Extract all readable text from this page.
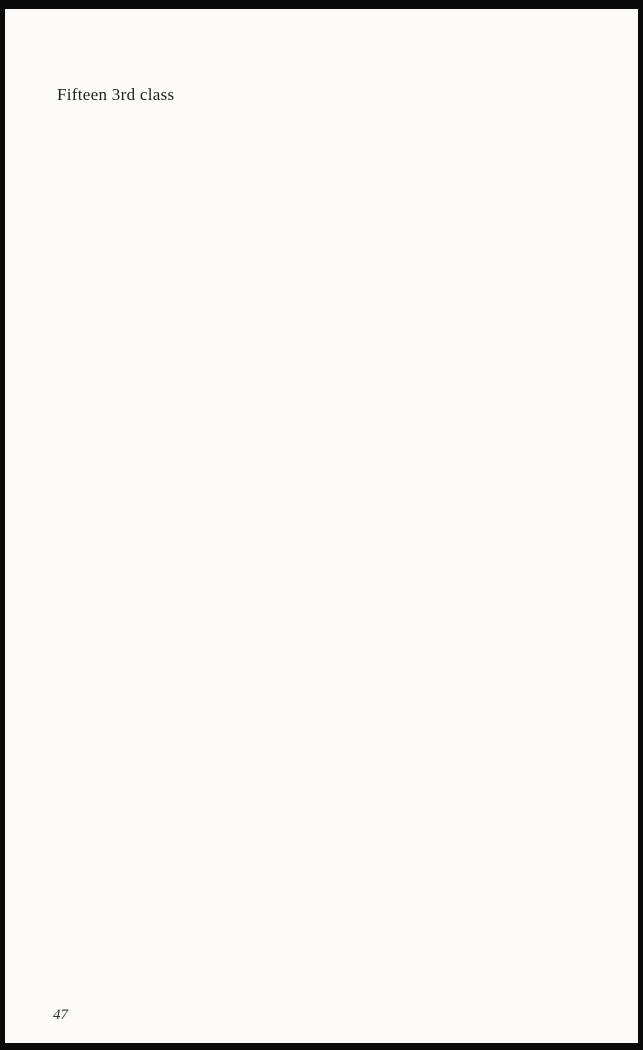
Fifteen 3rd class
47
